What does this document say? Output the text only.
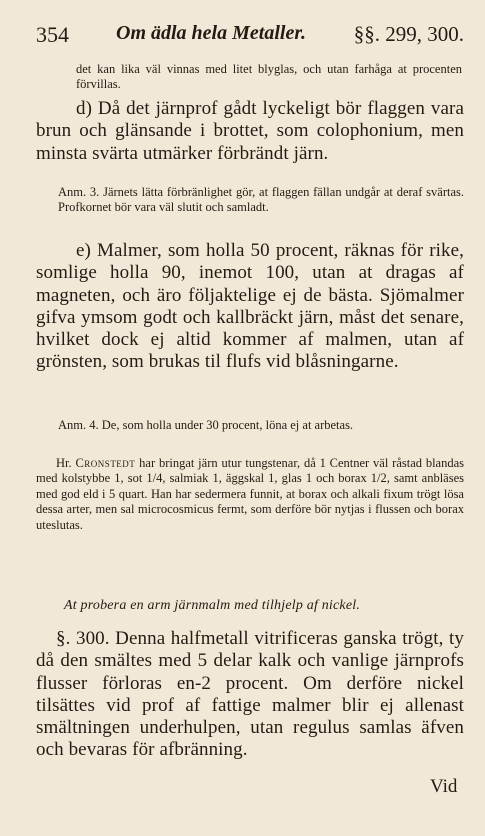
354 Om ädla hela Metaller. §§. 299, 300.

det kan lika väl vinnas med litet blyglas, och utan farhåga at procenten förvillas.

d) Då det järnprof gådt lyckeligt bör flaggen vara brun och glänsande i brottet, som colophonium, men minsta svärta utmärker förbrändt järn.

Anm. 3. Järnets lätta förbränlighet gör, at flaggen fällan undgår at deraf svärtas. Profkornet bör vara väl slutit och samladt.

e) Malmer, som holla 50 procent, räknas för rike, somlige holla 90, inemot 100, utan at dragas af magneten, och äro följaktelige ej de bästa. Sjömalmer gifva ymsom godt och kallbräckt järn, måst det senare, hvilket dock ej altid kommer af malmen, utan af grönsten, som brukas til flufs vid blåsningarne.

Anm. 4. De, som holla under 30 procent, löna ej at arbetas.

Hr. Cronstedt har bringat järn utur tungstenar, då 1 Centner väl råstad blandas med kolstybbe 1, sot 1/4, salmiak 1, äggskal 1, glas 1 och borax 1/2, samt anbläses med god eld i 5 quart. Han har sedermera funnit, at borax och alkali fixum trögt lösa dessa arter, men sal microcosmicus fermt, som derföre bör nytjas i flussen och borax uteslutas.

At probera en arm järnmalm med tilhjelp af nickel.

§. 300. Denna halfmetall vitrificeras ganska trögt, ty då den smältes med 5 delar kalk och vanlige järnprofs flusser förloras en-2 procent. Om derföre nickel tilsättes vid prof af fattige malmer blir ej allenast smältningen underhulpen, utan regulus samlas äfven och bevaras för afbränning.

Vid
